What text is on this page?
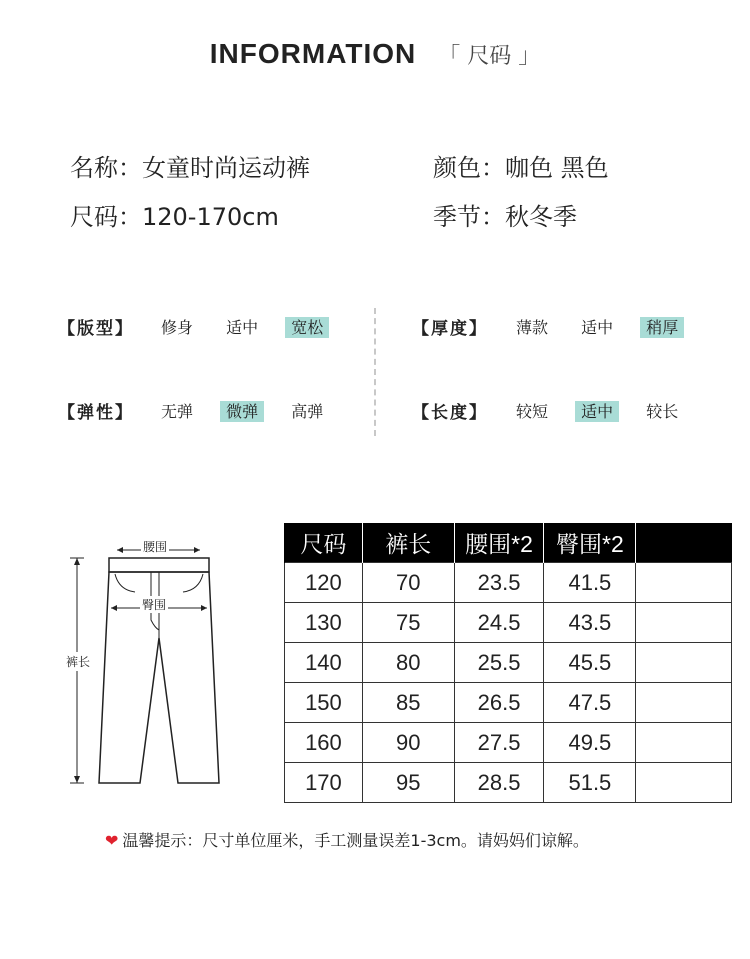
INFORMATION 「 尺码 」
名称：女童时尚运动裤	颜色：咖色 黑色
尺码：120-170cm	季节：秋冬季
【版型】	修身 适中 宽松	【厚度】	薄款 适中 稍厚
【弹性】	无弹 微弹 高弹	【长度】	较短 适中 较长
腰围
臀围
裤长
尺码	裤长	腰围*2	臀围*2	
120	70	23.5	41.5	
130	75	24.5	43.5	
140	80	25.5	45.5	
150	85	26.5	47.5	
160	90	27.5	49.5	
170	95	28.5	51.5	
❤ 温馨提示：尺寸单位厘米，手工测量误差1-3cm。请妈妈们谅解。
